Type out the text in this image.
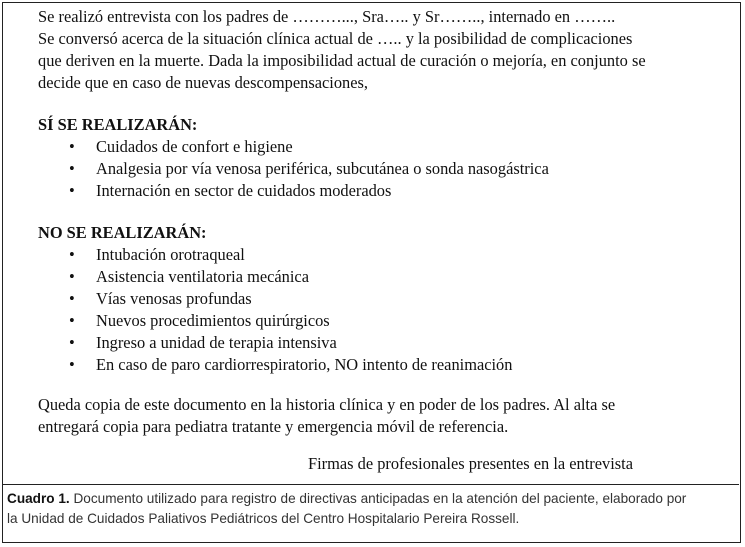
Se realizó entrevista con los padres de ………..., Sra….. y Sr…….., internado en ……..

Se conversó acerca de la situación clínica actual de ….. y la posibilidad de complicaciones

que deriven en la muerte. Dada la imposibilidad actual de curación o mejoría, en conjunto se

decide que en caso de nuevas descompensaciones,

SÍ SE REALIZARÁN:

• Cuidados de confort e higiene
• Analgesia por vía venosa periférica, subcutánea o sonda nasogástrica
• Internación en sector de cuidados moderados

NO SE REALIZARÁN:

• Intubación orotraqueal
• Asistencia ventilatoria mecánica
• Vías venosas profundas
• Nuevos procedimientos quirúrgicos
• Ingreso a unidad de terapia intensiva
• En caso de paro cardiorrespiratorio, NO intento de reanimación

Queda copia de este documento en la historia clínica y en poder de los padres. Al alta se

entregará copia para pediatra tratante y emergencia móvil de referencia.

Firmas de profesionales presentes en la entrevista

Cuadro 1. Documento utilizado para registro de directivas anticipadas en la atención del paciente, elaborado por
la Unidad de Cuidados Paliativos Pediátricos del Centro Hospitalario Pereira Rossell.
